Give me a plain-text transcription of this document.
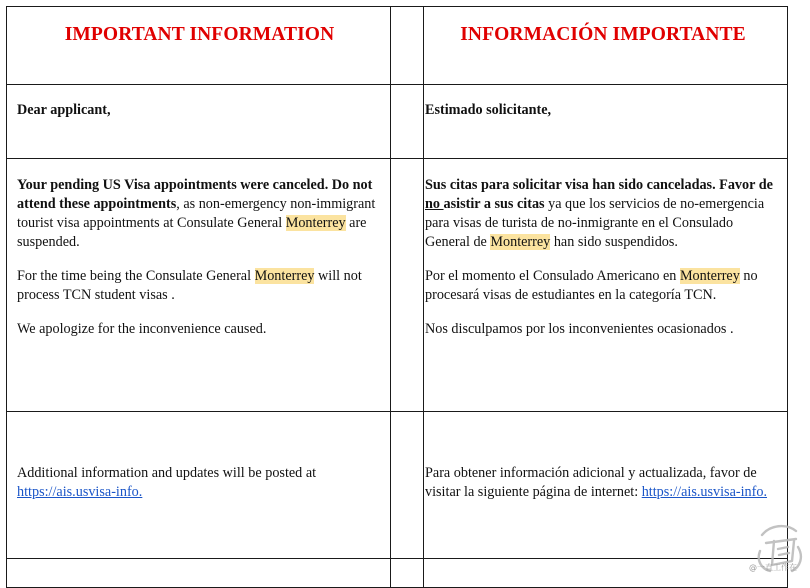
IMPORTANT INFORMATION	INFORMACIÓN IMPORTANTE
Dear applicant,	Estimado solicitante,

Your pending US Visa appointments were canceled. Do not attend these appointments, as non-emergency non-immigrant tourist visa appointments at Consulate General Monterrey are suspended.

For the time being the Consulate General Monterrey will not process TCN student visas .

We apologize for the inconvenience caused.

Sus citas para solicitar visa han sido canceladas. Favor de no asistir a sus citas ya que los servicios de no-emergencia para visas de turista de no-inmigrante en el Consulado General de Monterrey han sido suspendidos.

Por el momento el Consulado Americano en Monterrey no procesará visas de estudiantes en la categoría TCN.

Nos disculpamos por los inconvenientes ocasionados .

Additional information and updates will be posted at https://ais.usvisa-info.

Para obtener información adicional y actualizada, favor de visitar la siguiente página de internet: https://ais.usvisa-info.

@一直工作在
